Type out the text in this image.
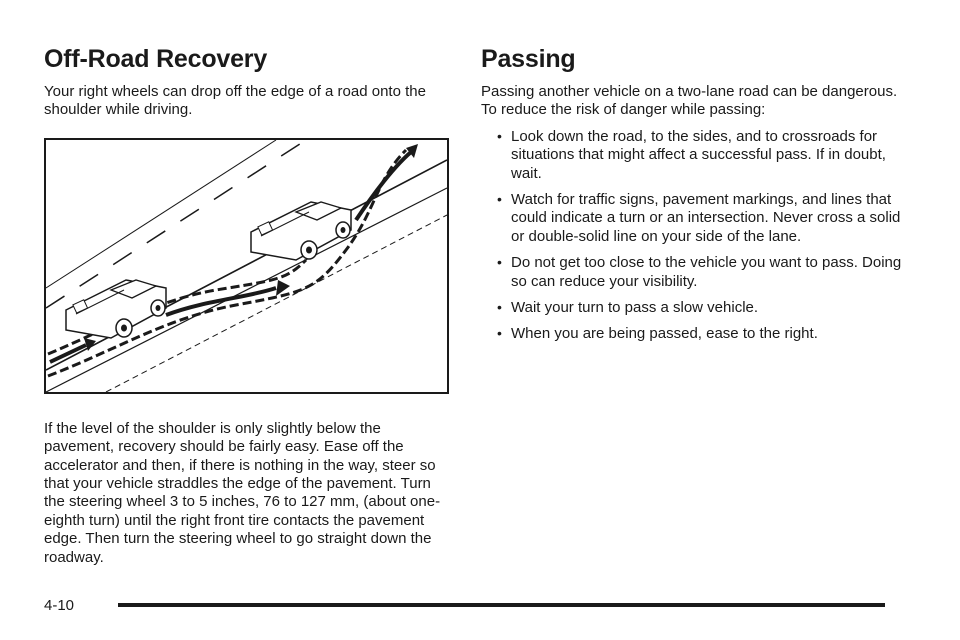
Off-Road Recovery

Your right wheels can drop off the edge of a road onto the shoulder while driving.

If the level of the shoulder is only slightly below the pavement, recovery should be fairly easy. Ease off the accelerator and then, if there is nothing in the way, steer so that your vehicle straddles the edge of the pavement. Turn the steering wheel 3 to 5 inches, 76 to 127 mm, (about one-eighth turn) until the right front tire contacts the pavement edge. Then turn the steering wheel to go straight down the roadway.

Passing

Passing another vehicle on a two-lane road can be dangerous. To reduce the risk of danger while passing:

• Look down the road, to the sides, and to crossroads for situations that might affect a successful pass. If in doubt, wait.
• Watch for traffic signs, pavement markings, and lines that could indicate a turn or an intersection. Never cross a solid or double-solid line on your side of the lane.
• Do not get too close to the vehicle you want to pass. Doing so can reduce your visibility.
• Wait your turn to pass a slow vehicle.
• When you are being passed, ease to the right.
4-10
